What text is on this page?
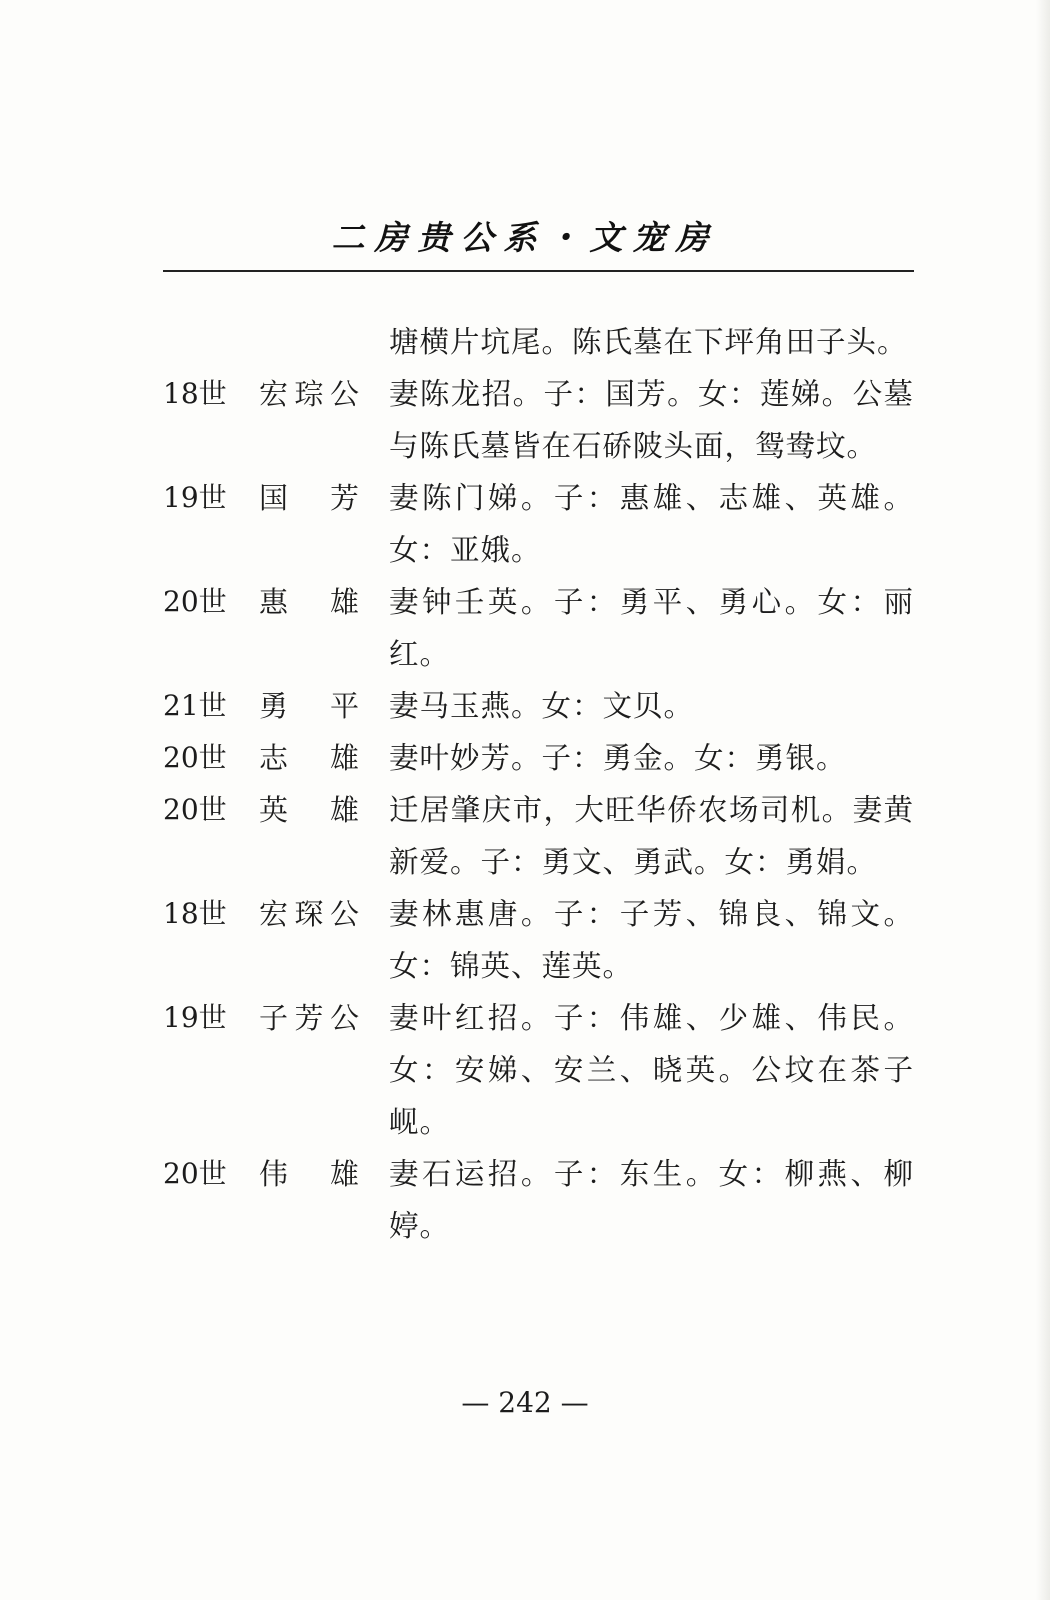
二房贵公系・文宠房
塘横片坑尾。陈氏墓在下坪角田子头。
18世	宏琮公 妻陈龙招。子：国芳。女：莲娣。公墓与陈氏墓皆在石硚陂头面，鸳鸯坟。
19世	国芳 妻陈门娣。子：惠雄、志雄、英雄。女：亚娥。
20世	惠雄 妻钟壬英。子：勇平、勇心。女：丽红。
21世	勇平 妻马玉燕。女：文贝。
20世	志雄 妻叶妙芳。子：勇金。女：勇银。
20世	英雄 迁居肇庆市，大旺华侨农场司机。妻黄新爱。子：勇文、勇武。女：勇娟。
18世	宏琛公 妻林惠唐。子：子芳、锦良、锦文。女：锦英、莲英。
19世	子芳公 妻叶红招。子：伟雄、少雄、伟民。女：安娣、安兰、晓英。公坟在茶子岘。
20世	伟雄 妻石运招。子：东生。女：柳燕、柳婷。
— 242 —
